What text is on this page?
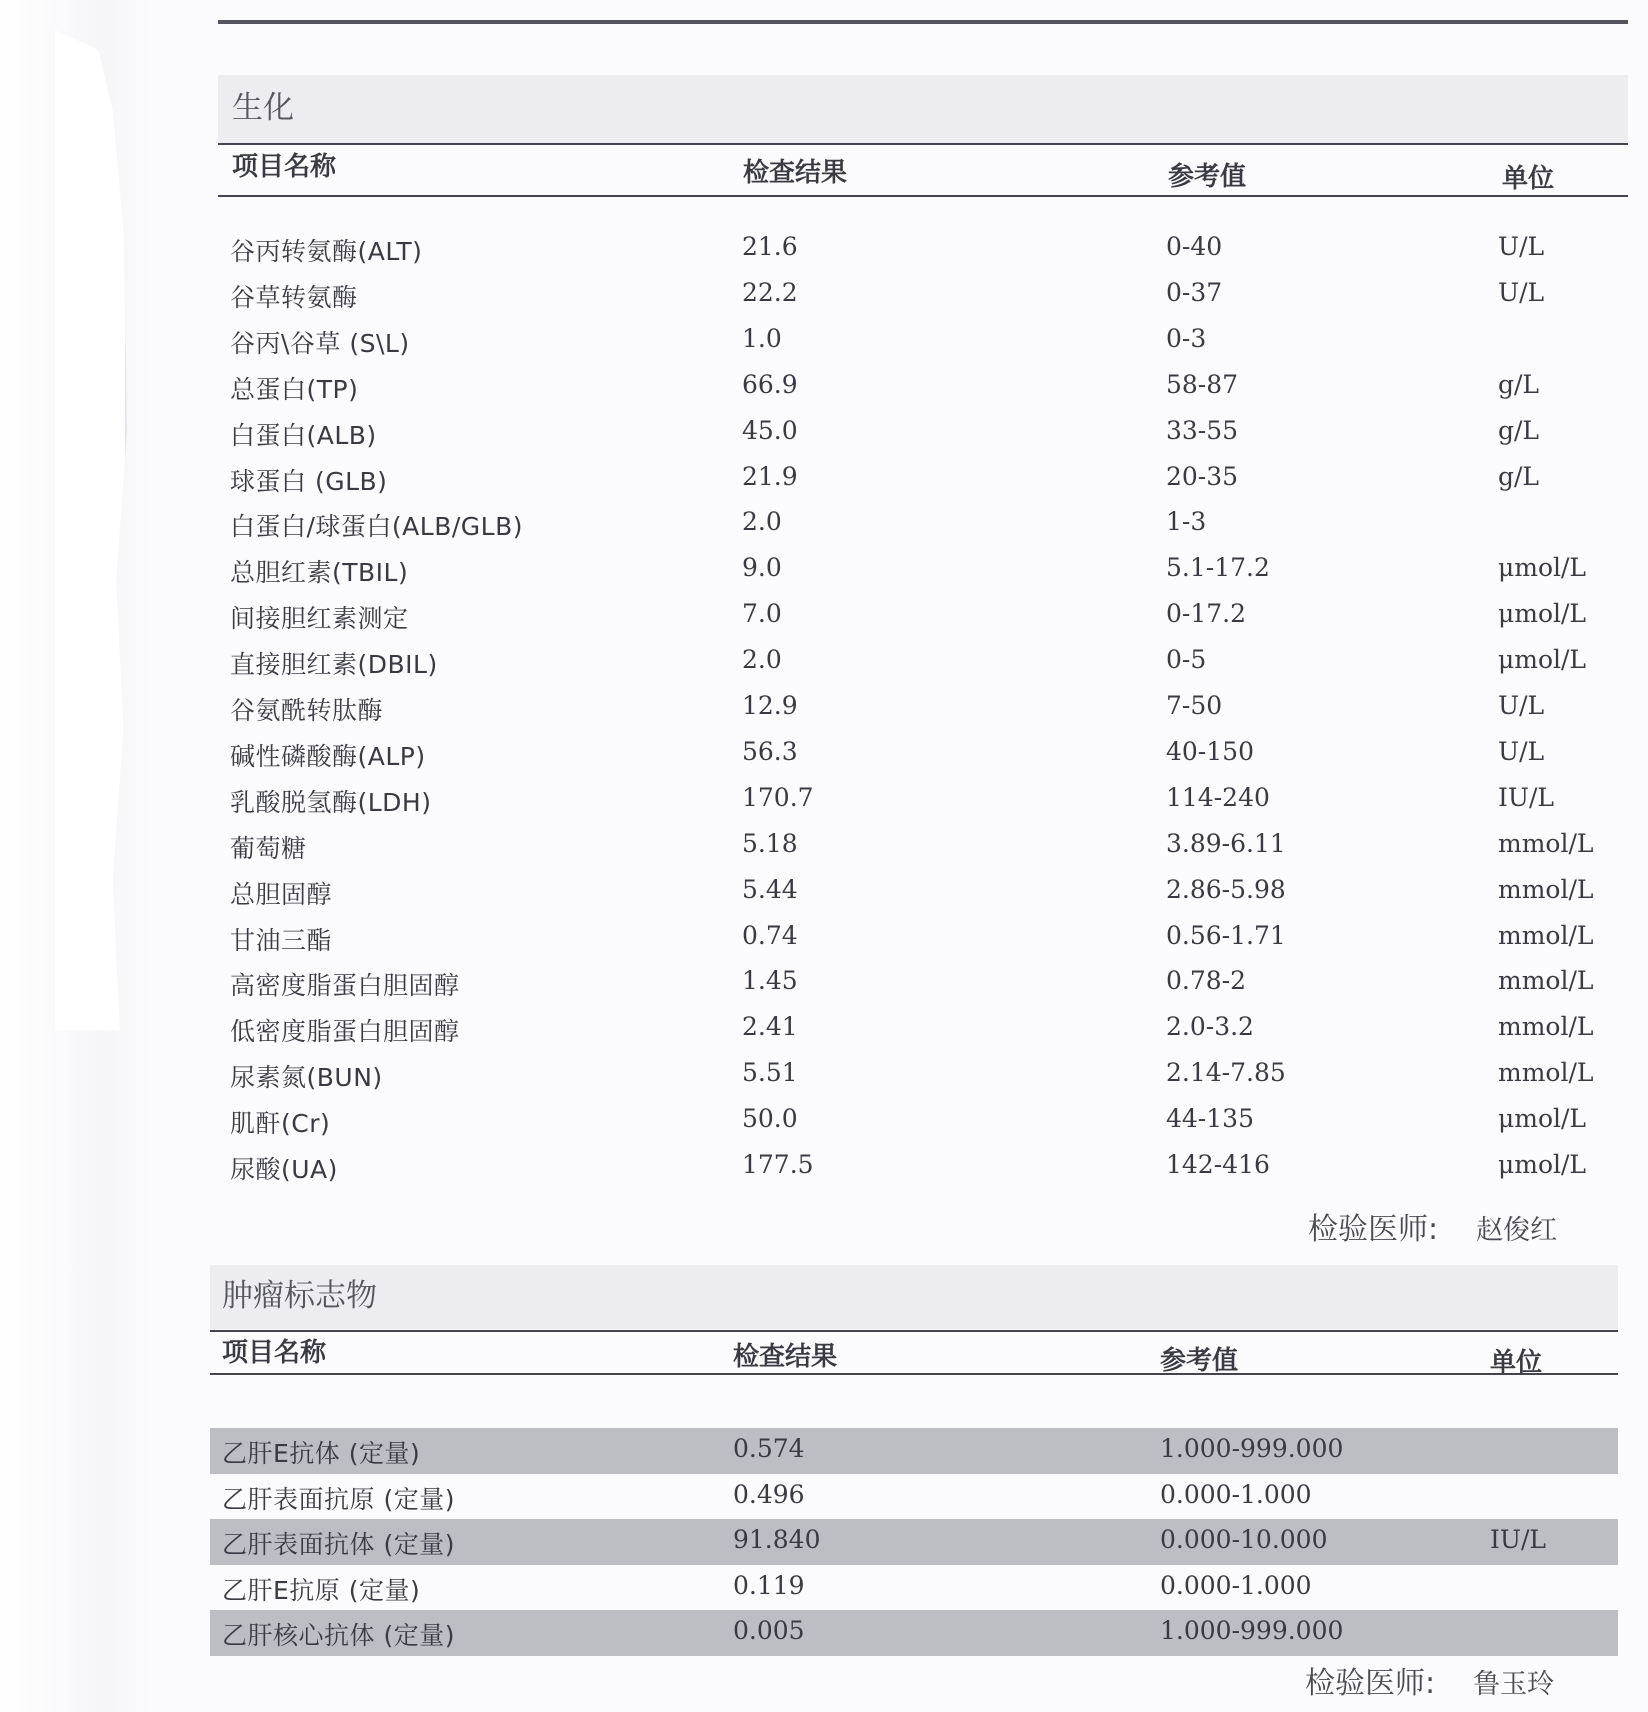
生化
项目名称	检查结果	参考值	单位
谷丙转氨酶(ALT)	21.6	0-40	U/L
谷草转氨酶	22.2	0-37	U/L
谷丙\谷草 (S\L)	1.0	0-3
总蛋白(TP)	66.9	58-87	g/L
白蛋白(ALB)	45.0	33-55	g/L
球蛋白 (GLB)	21.9	20-35	g/L
白蛋白/球蛋白(ALB/GLB)	2.0	1-3
总胆红素(TBIL)	9.0	5.1-17.2	μmol/L
间接胆红素测定	7.0	0-17.2	μmol/L
直接胆红素(DBIL)	2.0	0-5	μmol/L
谷氨酰转肽酶	12.9	7-50	U/L
碱性磷酸酶(ALP)	56.3	40-150	U/L
乳酸脱氢酶(LDH)	170.7	114-240	IU/L
葡萄糖	5.18	3.89-6.11	mmol/L
总胆固醇	5.44	2.86-5.98	mmol/L
甘油三酯	0.74	0.56-1.71	mmol/L
高密度脂蛋白胆固醇	1.45	0.78-2	mmol/L
低密度脂蛋白胆固醇	2.41	2.0-3.2	mmol/L
尿素氮(BUN)	5.51	2.14-7.85	mmol/L
肌酐(Cr)	50.0	44-135	μmol/L
尿酸(UA)	177.5	142-416	μmol/L
检验医师: 赵俊红
肿瘤标志物
项目名称	检查结果	参考值	单位
乙肝E抗体 (定量)	0.574	1.000-999.000
乙肝表面抗原 (定量)	0.496	0.000-1.000
乙肝表面抗体 (定量)	91.840	0.000-10.000	IU/L
乙肝E抗原 (定量)	0.119	0.000-1.000
乙肝核心抗体 (定量)	0.005	1.000-999.000
检验医师: 鲁玉玲
